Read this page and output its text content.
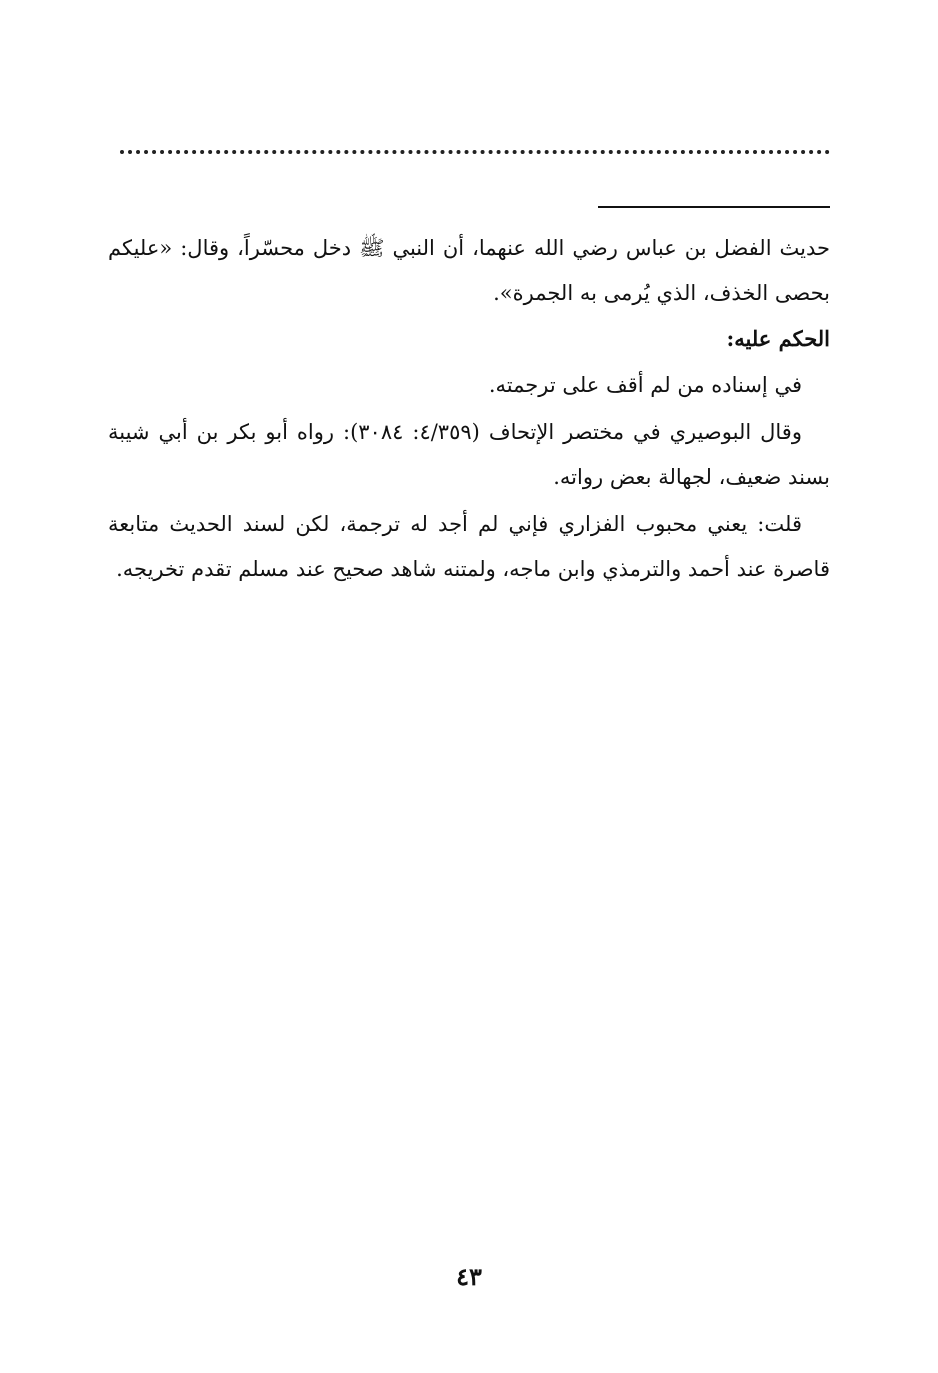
حديث الفضل بن عباس رضي الله عنهما، أن النبي ﷺ دخل محسّراً، وقال: «عليكم بحصى الخذف، الذي يُرمى به الجمرة».

الحكم عليه:

في إسناده من لم أقف على ترجمته.

وقال البوصيري في مختصر الإتحاف (٤/٣٥٩: ٣٠٨٤): رواه أبو بكر بن أبي شيبة بسند ضعيف، لجهالة بعض رواته.

قلت: يعني محبوب الفزاري فإني لم أجد له ترجمة، لكن لسند الحديث متابعة قاصرة عند أحمد والترمذي وابن ماجه، ولمتنه شاهد صحيح عند مسلم تقدم تخريجه.

٤٣
